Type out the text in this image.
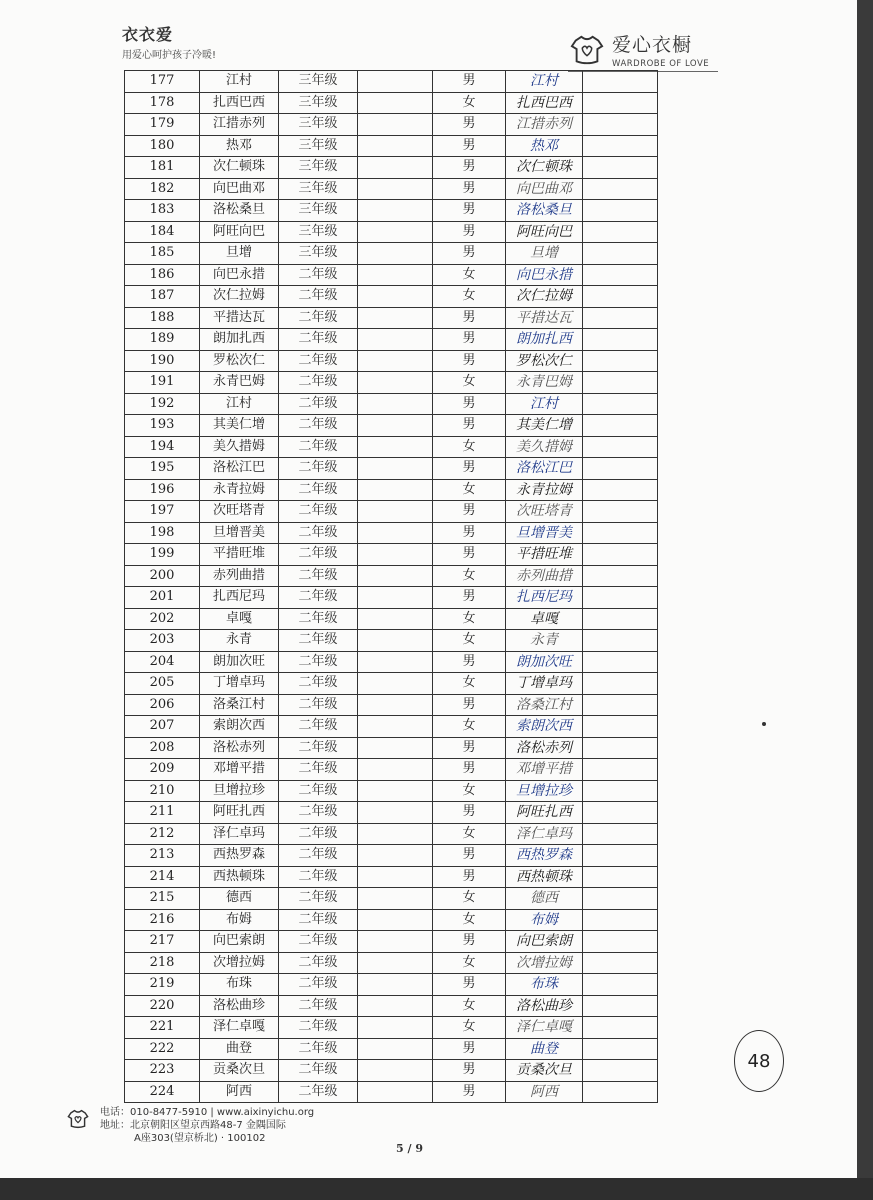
衣衣爱
用爱心呵护孩子冷暖!	爱心衣橱
WARDROBE OF LOVE
177	江村	三年级		男	江村	
178	扎西巴西	三年级		女	扎西巴西	
179	江措赤列	三年级		男	江措赤列	
180	热邓	三年级		男	热邓	
181	次仁顿珠	三年级		男	次仁顿珠	
182	向巴曲邓	三年级		男	向巴曲邓	
183	洛松桑旦	三年级		男	洛松桑旦	
184	阿旺向巴	三年级		男	阿旺向巴	
185	旦增	三年级		男	旦增	
186	向巴永措	二年级		女	向巴永措	
187	次仁拉姆	二年级		女	次仁拉姆	
188	平措达瓦	二年级		男	平措达瓦	
189	朗加扎西	二年级		男	朗加扎西	
190	罗松次仁	二年级		男	罗松次仁	
191	永青巴姆	二年级		女	永青巴姆	
192	江村	二年级		男	江村	
193	其美仁增	二年级		男	其美仁增	
194	美久措姆	二年级		女	美久措姆	
195	洛松江巴	二年级		男	洛松江巴	
196	永青拉姆	二年级		女	永青拉姆	
197	次旺塔青	二年级		男	次旺塔青	
198	旦增晋美	二年级		男	旦增晋美	
199	平措旺堆	二年级		男	平措旺堆	
200	赤列曲措	二年级		女	赤列曲措	
201	扎西尼玛	二年级		男	扎西尼玛	
202	卓嘎	二年级		女	卓嘎	
203	永青	二年级		女	永青	
204	朗加次旺	二年级		男	朗加次旺	
205	丁增卓玛	二年级		女	丁增卓玛	
206	洛桑江村	二年级		男	洛桑江村	
207	索朗次西	二年级		女	索朗次西	
208	洛松赤列	二年级		男	洛松赤列	
209	邓增平措	二年级		男	邓增平措	
210	旦增拉珍	二年级		女	旦增拉珍	
211	阿旺扎西	二年级		男	阿旺扎西	
212	泽仁卓玛	二年级		女	泽仁卓玛	
213	西热罗森	二年级		男	西热罗森	
214	西热顿珠	二年级		男	西热顿珠	
215	德西	二年级		女	德西	
216	布姆	二年级		女	布姆	
217	向巴索朗	二年级		男	向巴索朗	
218	次增拉姆	二年级		女	次增拉姆	
219	布珠	二年级		男	布珠	
220	洛松曲珍	二年级		女	洛松曲珍	
221	泽仁卓嘎	二年级		女	泽仁卓嘎	
222	曲登	二年级		男	曲登	
223	贡桑次旦	二年级		男	贡桑次旦	
224	阿西	二年级		男	阿西	
48
电话：010-8477-5910 | www.aixinyichu.org
地址：北京朝阳区望京西路48-7 金隅国际
A座303(望京桥北) · 100102
5 / 9
